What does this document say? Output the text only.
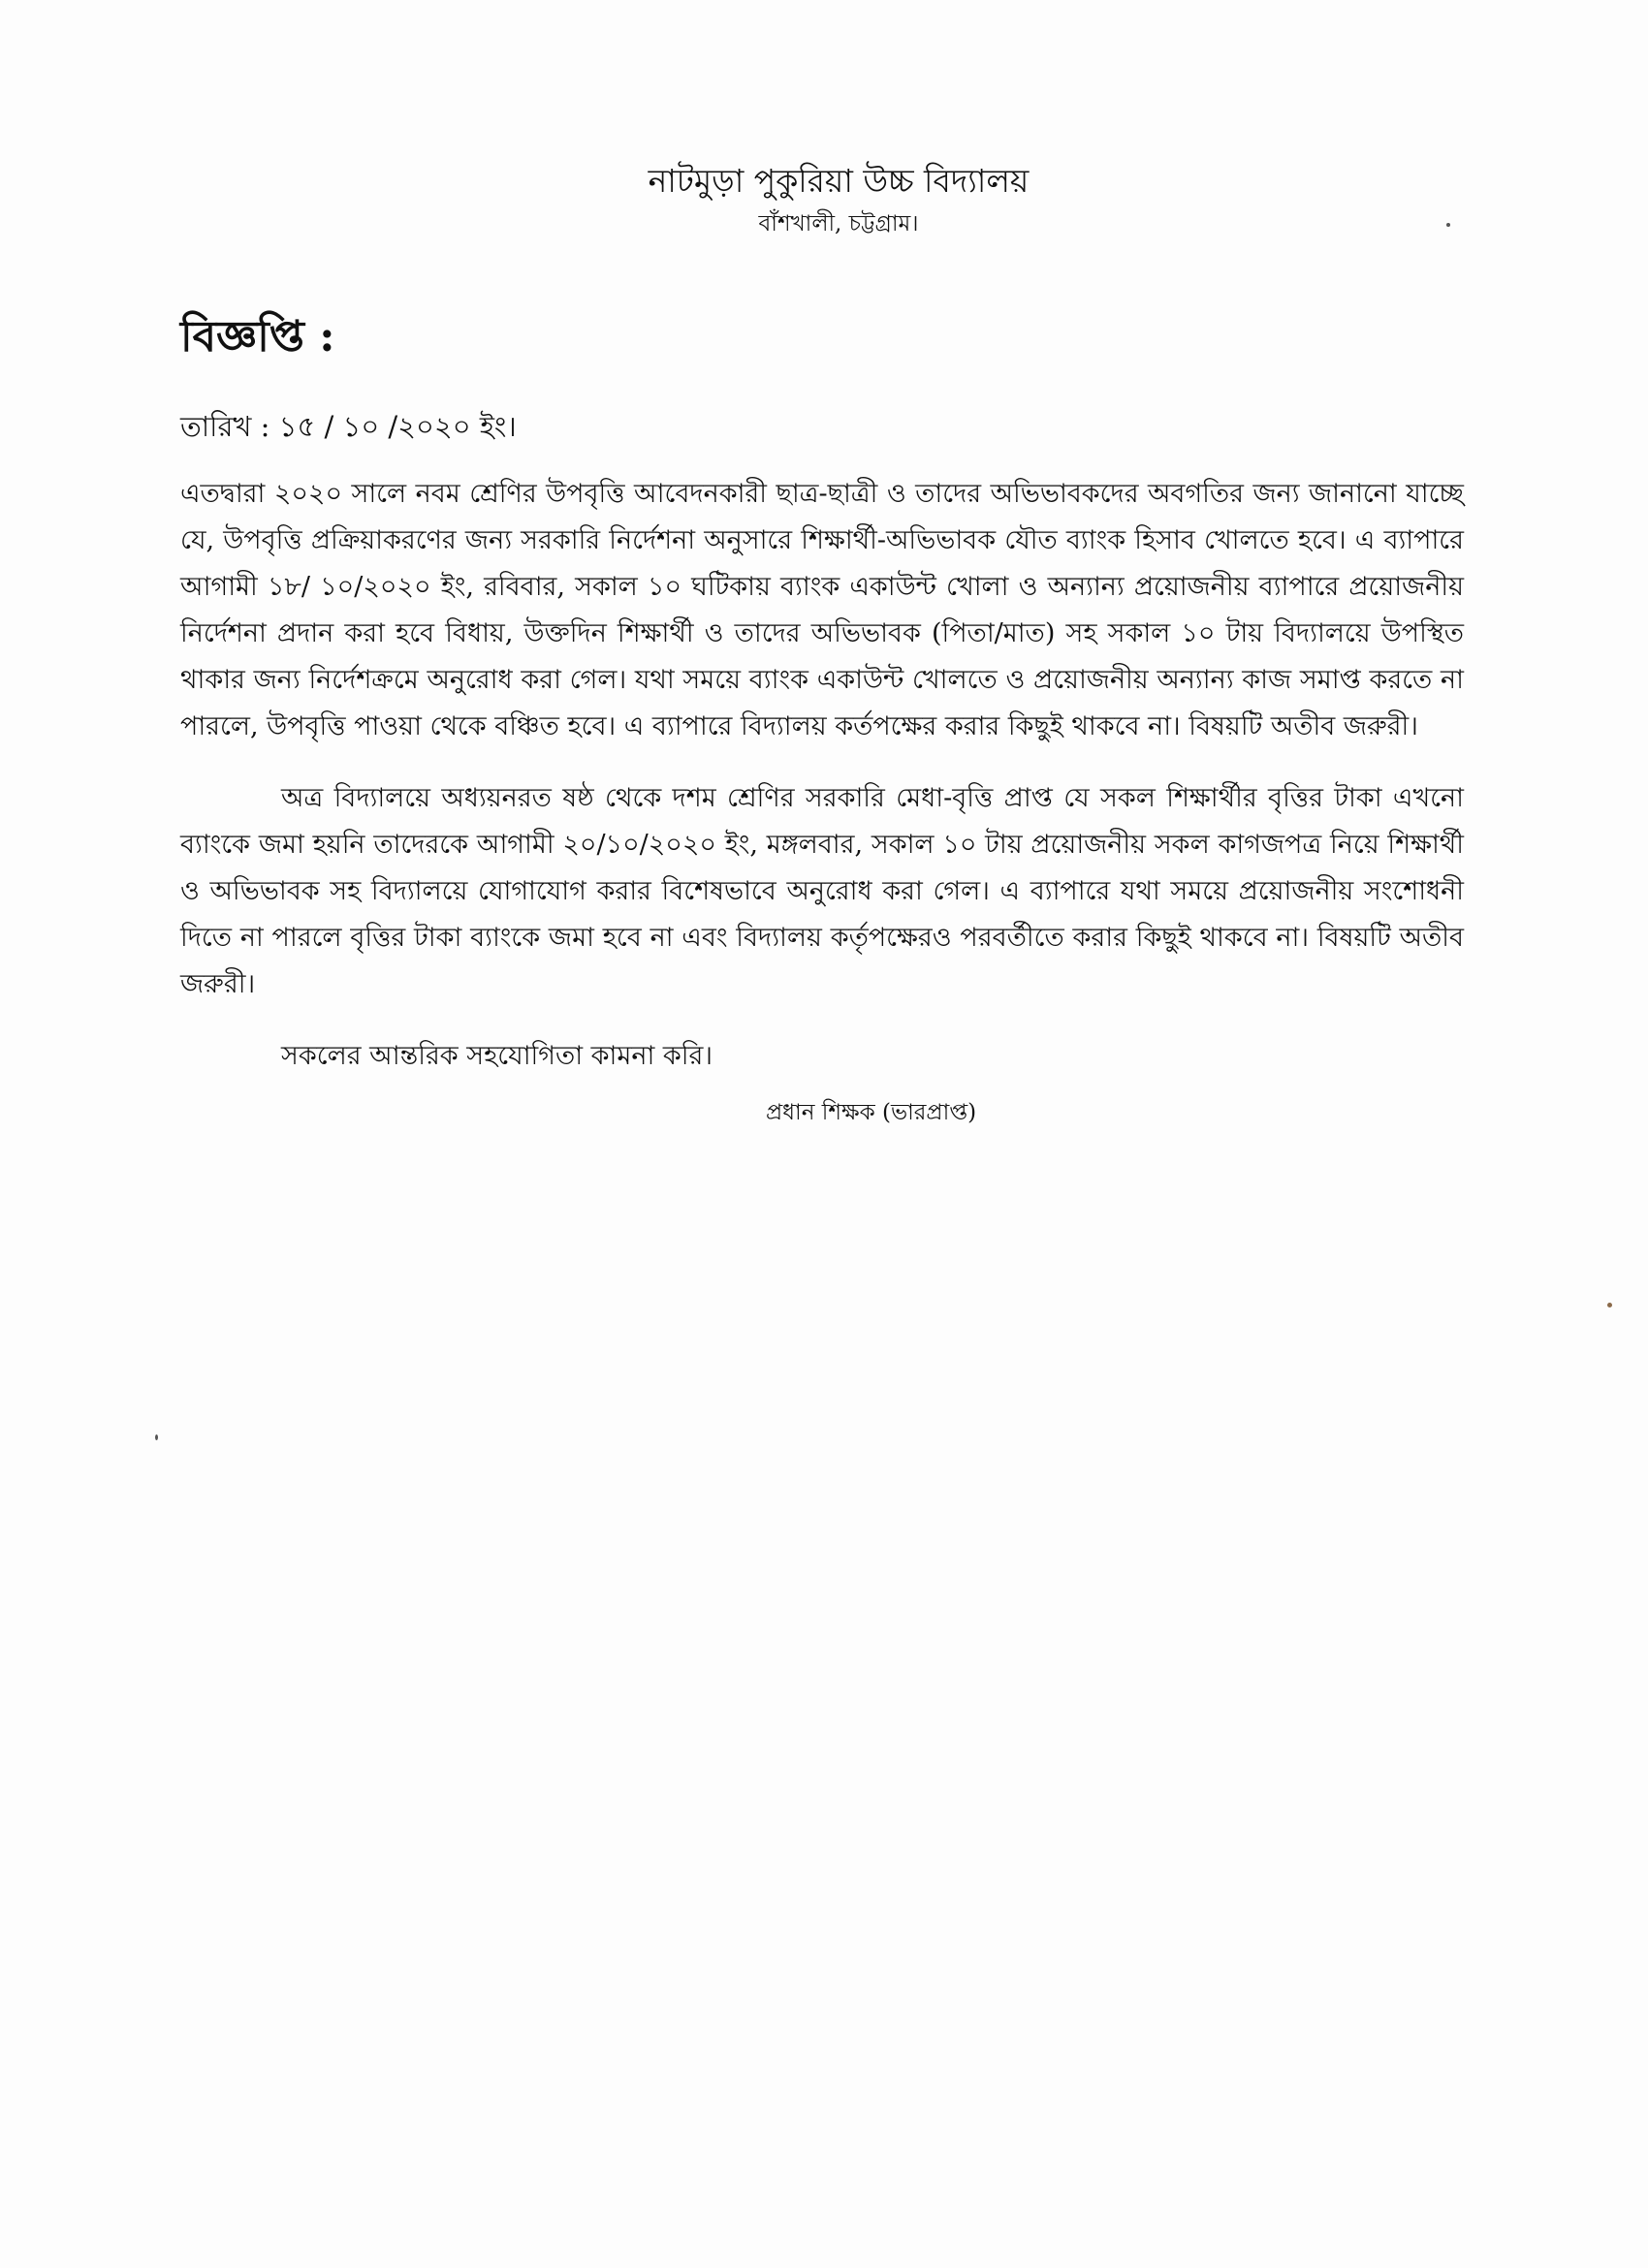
নাটমুড়া পুকুরিয়া উচ্চ বিদ্যালয়
বাঁশখালী, চট্টগ্রাম।
বিজ্ঞপ্তি :
তারিখ : ১৫ / ১০ /২০২০ ইং।

এতদ্বারা ২০২০ সালে নবম শ্রেণির উপবৃত্তি আবেদনকারী ছাত্র-ছাত্রী ও তাদের অভিভাবকদের অবগতির জন্য জানানো যাচ্ছে যে, উপবৃত্তি প্রক্রিয়াকরণের জন্য সরকারি নির্দেশনা অনুসারে শিক্ষার্থী-অভিভাবক যৌত ব্যাংক হিসাব খোলতে হবে। এ ব্যাপারে আগামী ১৮/ ১০/২০২০ ইং, রবিবার, সকাল ১০ ঘটিকায় ব্যাংক একাউন্ট খোলা ও অন্যান্য প্রয়োজনীয় ব্যাপারে প্রয়োজনীয় নির্দেশনা প্রদান করা হবে বিধায়, উক্তদিন শিক্ষার্থী ও তাদের অভিভাবক (পিতা/মাত) সহ সকাল ১০ টায় বিদ্যালয়ে উপস্থিত থাকার জন্য নির্দেশক্রমে অনুরোধ করা গেল। যথা সময়ে ব্যাংক একাউন্ট খোলতে ও প্রয়োজনীয় অন্যান্য কাজ সমাপ্ত করতে না পারলে, উপবৃত্তি পাওয়া থেকে বঞ্চিত হবে। এ ব্যাপারে বিদ্যালয় কর্তপক্ষের করার কিছুই থাকবে না। বিষয়টি অতীব জরুরী।

অত্র বিদ্যালয়ে অধ্যয়নরত ষষ্ঠ থেকে দশম শ্রেণির সরকারি মেধা-বৃত্তি প্রাপ্ত যে সকল শিক্ষার্থীর বৃত্তির টাকা এখনো ব্যাংকে জমা হয়নি তাদেরকে আগামী ২০/১০/২০২০ ইং, মঙ্গলবার, সকাল ১০ টায় প্রয়োজনীয় সকল কাগজপত্র নিয়ে শিক্ষার্থী ও অভিভাবক সহ বিদ্যালয়ে যোগাযোগ করার বিশেষভাবে অনুরোধ করা গেল। এ ব্যাপারে যথা সময়ে প্রয়োজনীয় সংশোধনী দিতে না পারলে বৃত্তির টাকা ব্যাংকে জমা হবে না এবং বিদ্যালয় কর্তৃপক্ষেরও পরবর্তীতে করার কিছুই থাকবে না। বিষয়টি অতীব জরুরী।

সকলের আন্তরিক সহযোগিতা কামনা করি।

প্রধান শিক্ষক (ভারপ্রাপ্ত)
